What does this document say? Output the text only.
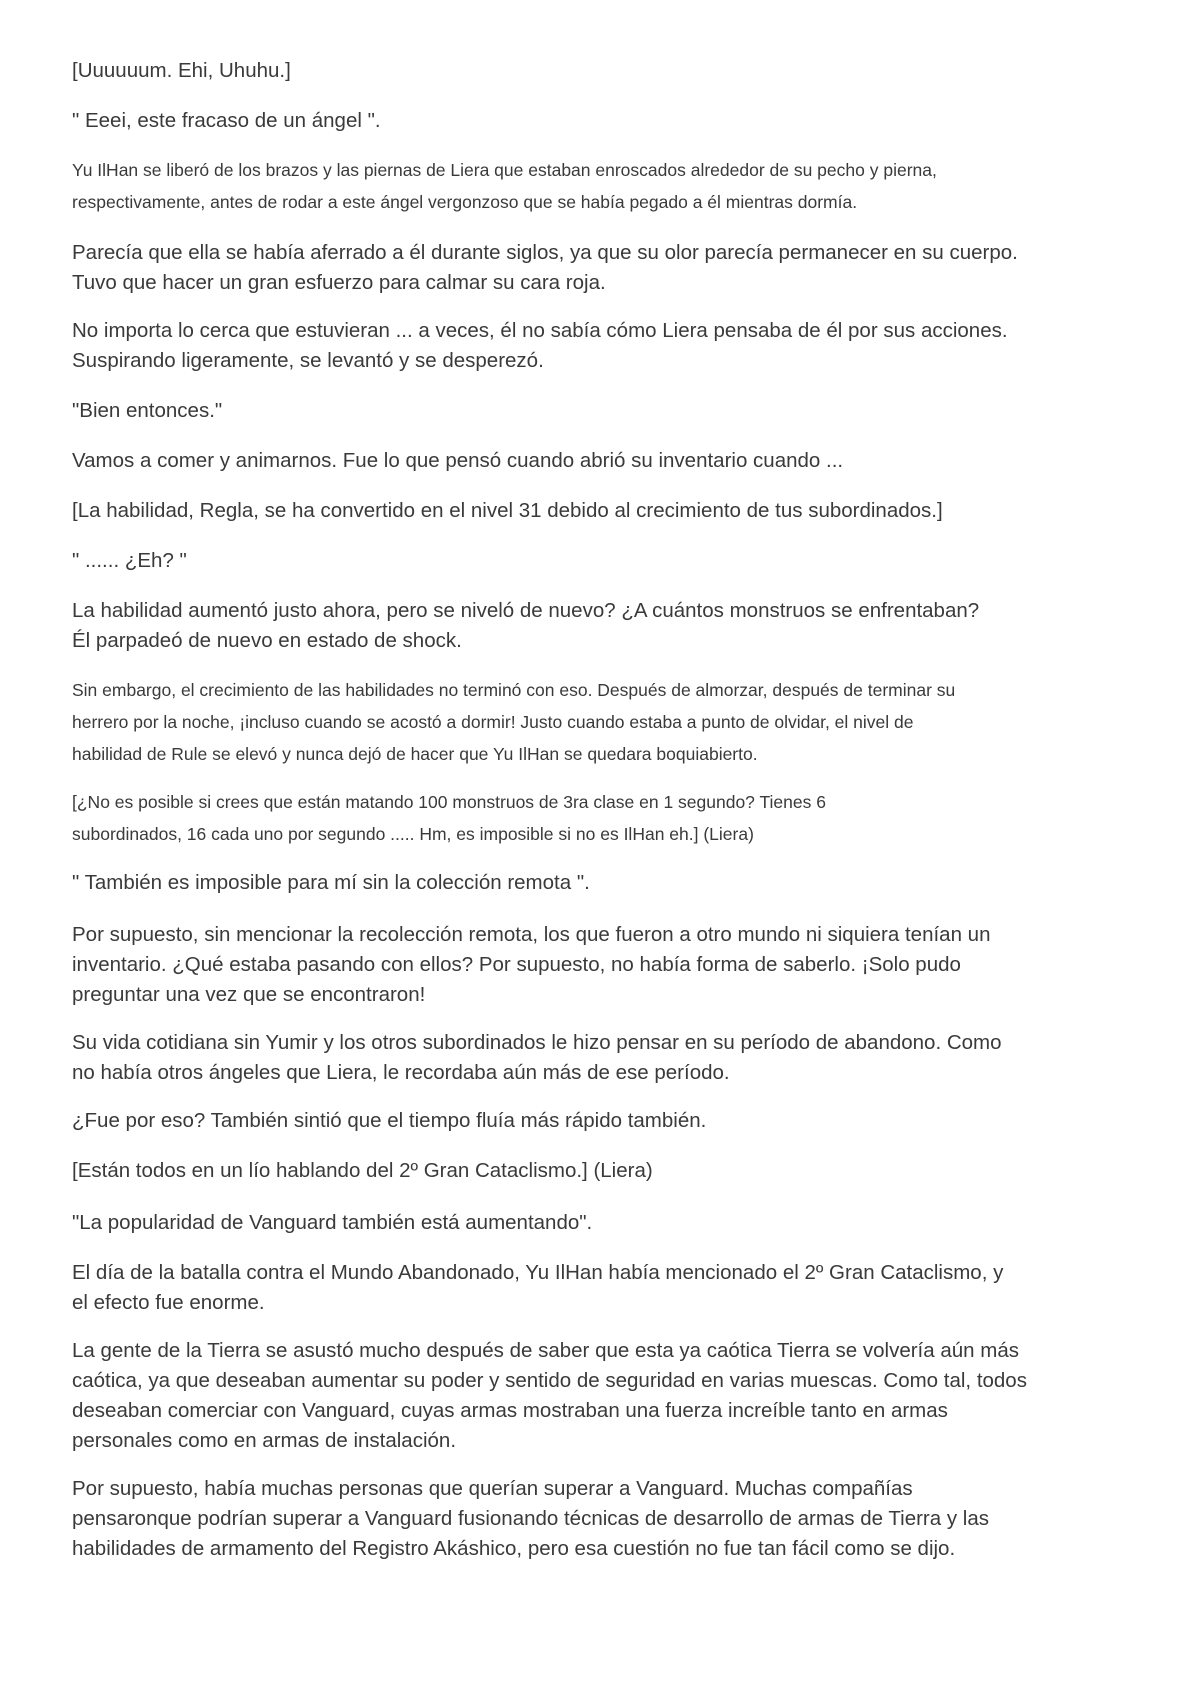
[Uuuuuum. Ehi, Uhuhu.]

" Eeei, este fracaso de un ángel ".

Yu IlHan se liberó de los brazos y las piernas de Liera que estaban enroscados alrededor de su pecho y pierna,
respectivamente, antes de rodar a este ángel vergonzoso que se había pegado a él mientras dormía.

Parecía que ella se había aferrado a él durante siglos, ya que su olor parecía permanecer en su cuerpo.
Tuvo que hacer un gran esfuerzo para calmar su cara roja.

No importa lo cerca que estuvieran ... a veces, él no sabía cómo Liera pensaba de él por sus acciones.
Suspirando ligeramente, se levantó y se desperezó.

"Bien entonces."

Vamos a comer y animarnos. Fue lo que pensó cuando abrió su inventario cuando ...

[La habilidad, Regla, se ha convertido en el nivel 31 debido al crecimiento de tus subordinados.]

" ...... ¿Eh? "

La habilidad aumentó justo ahora, pero se niveló de nuevo? ¿A cuántos monstruos se enfrentaban?
Él parpadeó de nuevo en estado de shock.

Sin embargo, el crecimiento de las habilidades no terminó con eso. Después de almorzar, después de terminar su
herrero por la noche, ¡incluso cuando se acostó a dormir! Justo cuando estaba a punto de olvidar, el nivel de
habilidad de Rule se elevó y nunca dejó de hacer que Yu IlHan se quedara boquiabierto.

[¿No es posible si crees que están matando 100 monstruos de 3ra clase en 1 segundo? Tienes 6
subordinados, 16 cada uno por segundo ..... Hm, es imposible si no es IlHan eh.] (Liera)

" También es imposible para mí sin la colección remota ".

Por supuesto, sin mencionar la recolección remota, los que fueron a otro mundo ni siquiera tenían un
inventario. ¿Qué estaba pasando con ellos? Por supuesto, no había forma de saberlo. ¡Solo pudo
preguntar una vez que se encontraron!

Su vida cotidiana sin Yumir y los otros subordinados le hizo pensar en su período de abandono. Como
no había otros ángeles que Liera, le recordaba aún más de ese período.

¿Fue por eso? También sintió que el tiempo fluía más rápido también.

[Están todos en un lío hablando del 2º Gran Cataclismo.] (Liera)

"La popularidad de Vanguard también está aumentando".

El día de la batalla contra el Mundo Abandonado, Yu IlHan había mencionado el 2º Gran Cataclismo, y
el efecto fue enorme.

La gente de la Tierra se asustó mucho después de saber que esta ya caótica Tierra se volvería aún más
caótica, ya que deseaban aumentar su poder y sentido de seguridad en varias muescas. Como tal, todos
deseaban comerciar con Vanguard, cuyas armas mostraban una fuerza increíble tanto en armas
personales como en armas de instalación.

Por supuesto, había muchas personas que querían superar a Vanguard. Muchas compañías
pensaronque podrían superar a Vanguard fusionando técnicas de desarrollo de armas de Tierra y las
habilidades de armamento del Registro Akáshico, pero esa cuestión no fue tan fácil como se dijo.
